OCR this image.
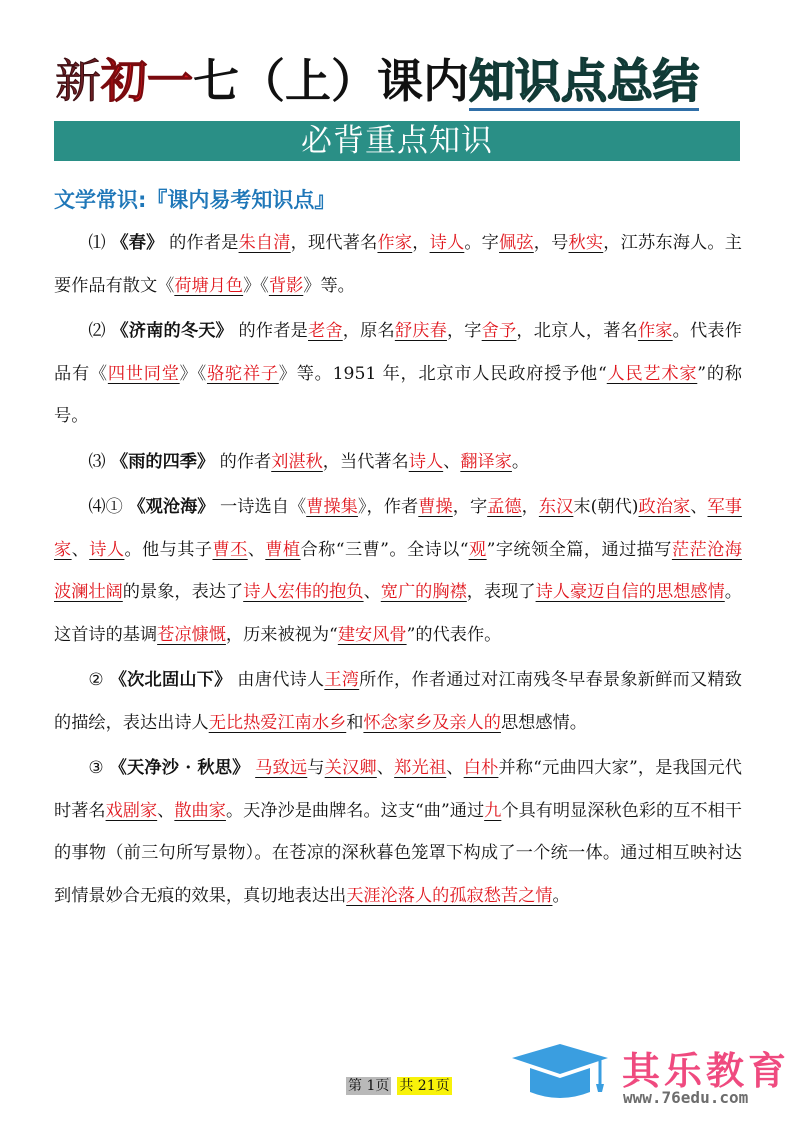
新初一七（上）课内知识点总结
必背重点知识
文学常识:『课内易考知识点』
⑴ 《春》 的作者是朱自清，现代著名作家，诗人。字佩弦，号秋实，江苏东海人。主要作品有散文《荷塘月色》《背影》等。
⑵ 《济南的冬天》 的作者是老舍，原名舒庆春，字舍予，北京人，著名作家。代表作品有《四世同堂》《骆驼祥子》等。1951 年，北京市人民政府授予他“人民艺术家”的称号。
⑶ 《雨的四季》 的作者刘湛秋，当代著名诗人、翻译家。
⑷① 《观沧海》 一诗选自《曹操集》，作者曹操，字孟德，东汉末(朝代)政治家、军事家、诗人。他与其子曹丕、曹植合称“三曹”。全诗以“观”字统领全篇，通过描写茫茫沧海波澜壮阔的景象，表达了诗人宏伟的抱负、宽广的胸襟，表现了诗人豪迈自信的思想感情。这首诗的基调苍凉慷慨，历来被视为“建安风骨”的代表作。
② 《次北固山下》 由唐代诗人王湾所作，作者通过对江南残冬早春景象新鲜而又精致的描绘，表达出诗人无比热爱江南水乡和怀念家乡及亲人的思想感情。
③ 《天净沙 · 秋思》 马致远与关汉卿、郑光祖、白朴并称“元曲四大家”，是我国元代时著名戏剧家、散曲家。天净沙是曲牌名。这支“曲”通过九个具有明显深秋色彩的互不相干的事物（前三句所写景物）。在苍凉的深秋暮色笼罩下构成了一个统一体。通过相互映衬达到情景妙合无痕的效果，真切地表达出天涯沦落人的孤寂愁苦之情。
第 1页 共 21页	其乐教育
www.76edu.com
